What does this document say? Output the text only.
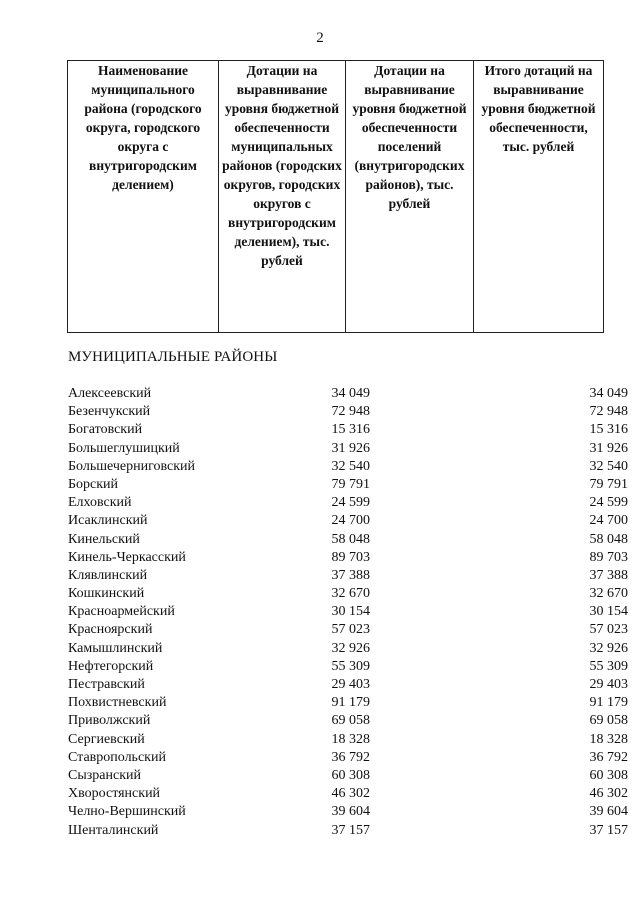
2
Наименование муниципального района (городского округа, городского округа с внутригородским делением)	Дотации на выравнивание уровня бюджетной обеспеченности муниципальных районов (городских округов, городских округов с внутригородским делением), тыс. рублей	Дотации на выравнивание уровня бюджетной обеспеченности поселений (внутригородских районов), тыс. рублей	Итого дотаций на выравнивание уровня бюджетной обеспеченности, тыс. рублей
МУНИЦИПАЛЬНЫЕ РАЙОНЫ
Алексеевский	34 049	34 049
Безенчукский	72 948	72 948
Богатовский	15 316	15 316
Большеглушицкий	31 926	31 926
Большечерниговский	32 540	32 540
Борский	79 791	79 791
Елховский	24 599	24 599
Исаклинский	24 700	24 700
Кинельский	58 048	58 048
Кинель-Черкасский	89 703	89 703
Клявлинский	37 388	37 388
Кошкинский	32 670	32 670
Красноармейский	30 154	30 154
Красноярский	57 023	57 023
Камышлинский	32 926	32 926
Нефтегорский	55 309	55 309
Пестравский	29 403	29 403
Похвистневский	91 179	91 179
Приволжский	69 058	69 058
Сергиевский	18 328	18 328
Ставропольский	36 792	36 792
Сызранский	60 308	60 308
Хворостянский	46 302	46 302
Челно-Вершинский	39 604	39 604
Шенталинский	37 157	37 157
